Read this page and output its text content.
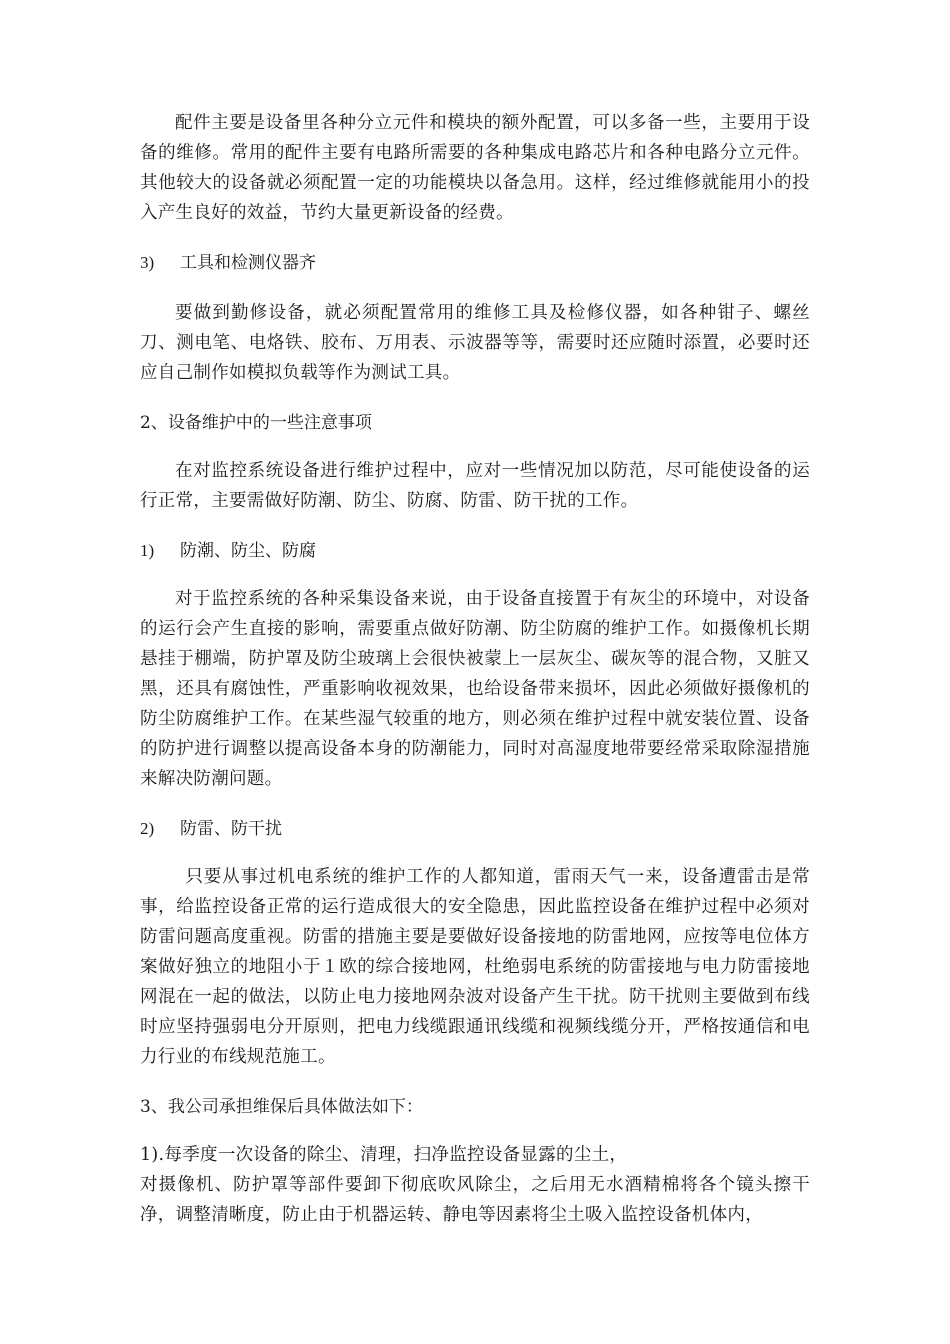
配件主要是设备里各种分立元件和模块的额外配置，可以多备一些，主要用于设备的维修。常用的配件主要有电路所需要的各种集成电路芯片和各种电路分立元件。其他较大的设备就必须配置一定的功能模块以备急用。这样，经过维修就能用小的投入产生良好的效益，节约大量更新设备的经费。

3) 工具和检测仪器齐

要做到勤修设备，就必须配置常用的维修工具及检修仪器，如各种钳子、螺丝刀、测电笔、电烙铁、胶布、万用表、示波器等等，需要时还应随时添置，必要时还应自己制作如模拟负载等作为测试工具。

2、设备维护中的一些注意事项

在对监控系统设备进行维护过程中，应对一些情况加以防范，尽可能使设备的运行正常，主要需做好防潮、防尘、防腐、防雷、防干扰的工作。

1) 防潮、防尘、防腐

对于监控系统的各种采集设备来说，由于设备直接置于有灰尘的环境中，对设备的运行会产生直接的影响，需要重点做好防潮、防尘防腐的维护工作。如摄像机长期悬挂于棚端，防护罩及防尘玻璃上会很快被蒙上一层灰尘、碳灰等的混合物，又脏又黑，还具有腐蚀性，严重影响收视效果，也给设备带来损坏，因此必须做好摄像机的防尘防腐维护工作。在某些湿气较重的地方，则必须在维护过程中就安装位置、设备的防护进行调整以提高设备本身的防潮能力，同时对高湿度地带要经常采取除湿措施来解决防潮问题。

2) 防雷、防干扰

只要从事过机电系统的维护工作的人都知道，雷雨天气一来，设备遭雷击是常事，给监控设备正常的运行造成很大的安全隐患，因此监控设备在维护过程中必须对防雷问题高度重视。防雷的措施主要是要做好设备接地的防雷地网，应按等电位体方案做好独立的地阻小于１欧的综合接地网，杜绝弱电系统的防雷接地与电力防雷接地网混在一起的做法，以防止电力接地网杂波对设备产生干扰。防干扰则主要做到布线时应坚持强弱电分开原则，把电力线缆跟通讯线缆和视频线缆分开，严格按通信和电力行业的布线规范施工。

3、我公司承担维保后具体做法如下：

1).每季度一次设备的除尘、清理，扫净监控设备显露的尘土，

对摄像机、防护罩等部件要卸下彻底吹风除尘，之后用无水酒精棉将各个镜头擦干净，调整清晰度，防止由于机器运转、静电等因素将尘土吸入监控设备机体内，
